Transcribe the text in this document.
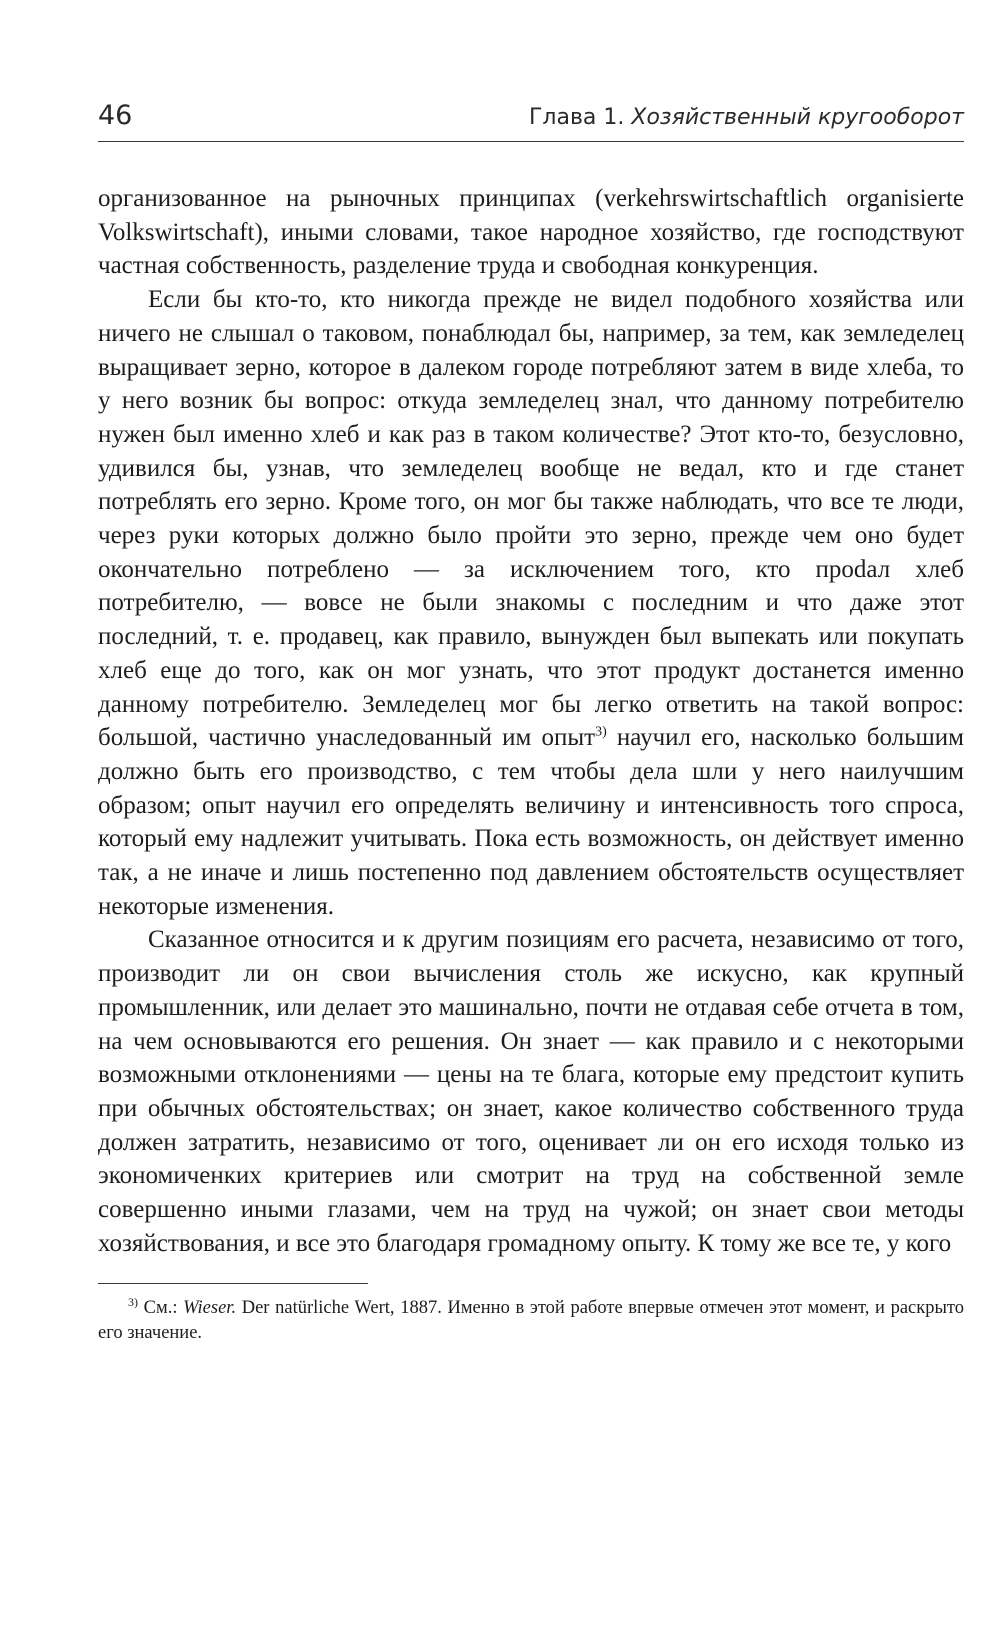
46	Глава 1. Хозяйственный кругооборот

организованное на рыночных принципах (verkehrswirtschaftlich organisierte Volkswirtschaft), иными словами, такое народное хозяйство, где господствуют частная собственность, разделение труда и свободная конкуренция.

Если бы кто-то, кто никогда прежде не видел подобного хозяйства или ничего не слышал о таковом, понаблюдал бы, например, за тем, как земледелец выращивает зерно, которое в далеком городе потребляют затем в виде хлеба, то у него возник бы вопрос: откуда земледелец знал, что данному потребителю нужен был именно хлеб и как раз в таком количестве? Этот кто-то, безусловно, удивился бы, узнав, что земледелец вообще не ведал, кто и где станет потреблять его зерно. Кроме того, он мог бы также наблюдать, что все те люди, через руки которых должно было пройти это зерно, прежде чем оно будет окончательно потреблено — за исключением того, кто проdал хлеб потребителю, — вовсе не были знакомы с последним и что даже этот последний, т. е. продавец, как правило, вынужден был выпекать или покупать хлеб еще до того, как он мог узнать, что этот продукт достанется именно данному потребителю. Земледелец мог бы легко ответить на такой вопрос: большой, частично унаследованный им опыт$^{3)}$ научил его, насколько большим должно быть его производство, с тем чтобы дела шли у него наилучшим образом; опыт научил его определять величину и интенсивность того спроса, который ему надлежит учитывать. Пока есть возможность, он действует именно так, а не иначе и лишь постепенно под давлением обстоятельств осуществляет некоторые изменения.

Сказанное относится и к другим позициям его расчета, независимо от того, производит ли он свои вычисления столь же искусно, как крупный промышленник, или делает это машинально, почти не отдавая себе отчета в том, на чем основываются его решения. Он знает — как правило и с некоторыми возможными отклонениями — цены на те блага, которые ему предстоит купить при обычных обстоятельствах; он знает, какое количество собственного труда должен затратить, независимо от того, оценивает ли он его исходя только из экономиченких критериев или смотрит на труд на собственной земле совершенно иными глазами, чем на труд на чужой; он знает свои методы хозяйствования, и все это благодаря громадному опыту. К тому же все те, у кого

$^{3)}$ См.: Wieser. Der natürliche Wert, 1887. Именно в этой работе впервые отмечен этот момент, и раскрыто его значение.
